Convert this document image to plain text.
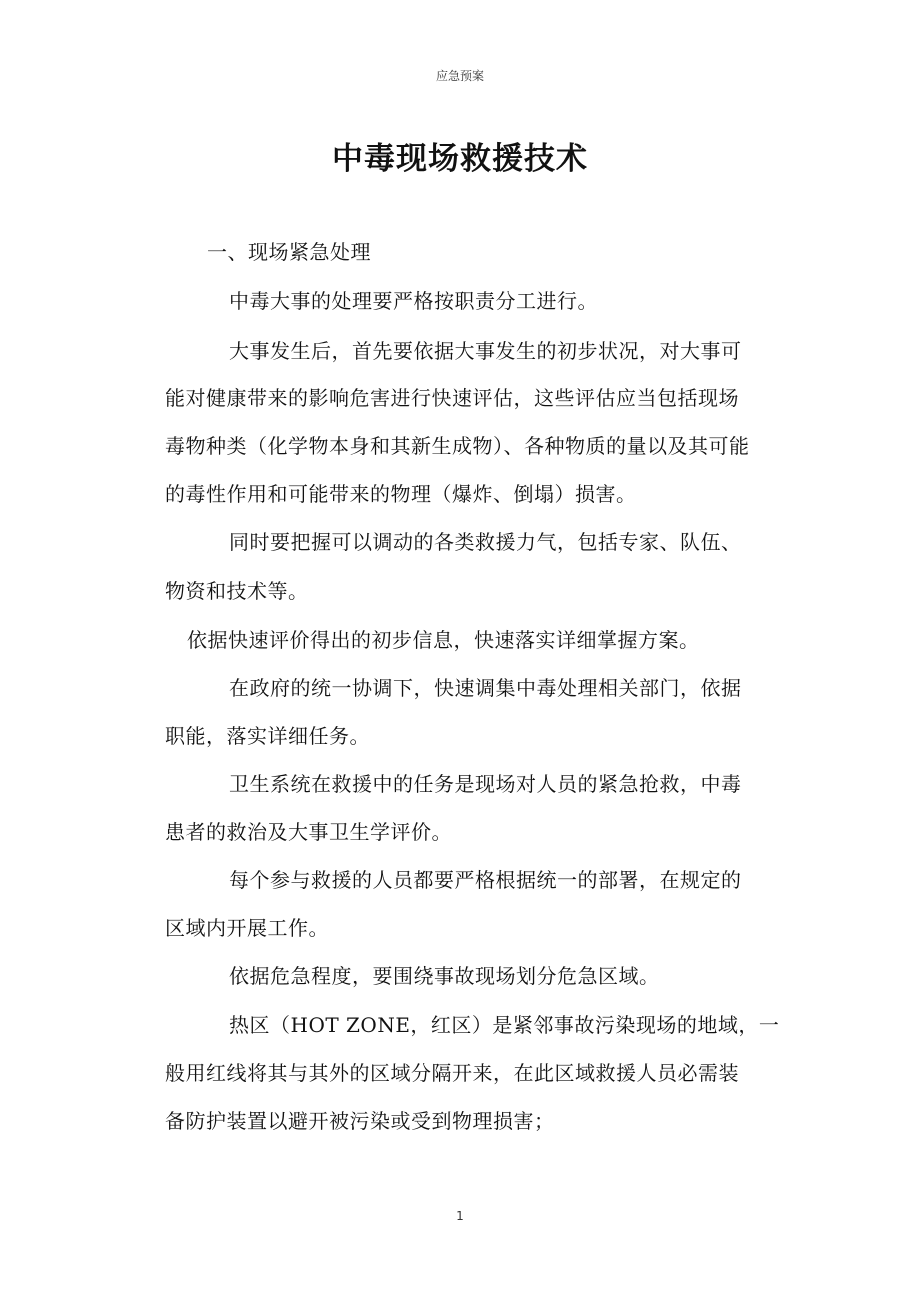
应急预案
中毒现场救援技术
一、现场紧急处理
中毒大事的处理要严格按职责分工进行。
大事发生后，首先要依据大事发生的初步状况，对大事可
能对健康带来的影响危害进行快速评估，这些评估应当包括现场
毒物种类（化学物本身和其新生成物）、各种物质的量以及其可能
的毒性作用和可能带来的物理（爆炸、倒塌）损害。
同时要把握可以调动的各类救援力气，包括专家、队伍、
物资和技术等。
依据快速评价得出的初步信息，快速落实详细掌握方案。
在政府的统一协调下，快速调集中毒处理相关部门，依据
职能，落实详细任务。
卫生系统在救援中的任务是现场对人员的紧急抢救，中毒
患者的救治及大事卫生学评价。
每个参与救援的人员都要严格根据统一的部署，在规定的
区域内开展工作。
依据危急程度，要围绕事故现场划分危急区域。
热区（HOT ZONE，红区）是紧邻事故污染现场的地域，一
般用红线将其与其外的区域分隔开来，在此区域救援人员必需装
备防护装置以避开被污染或受到物理损害；
1
